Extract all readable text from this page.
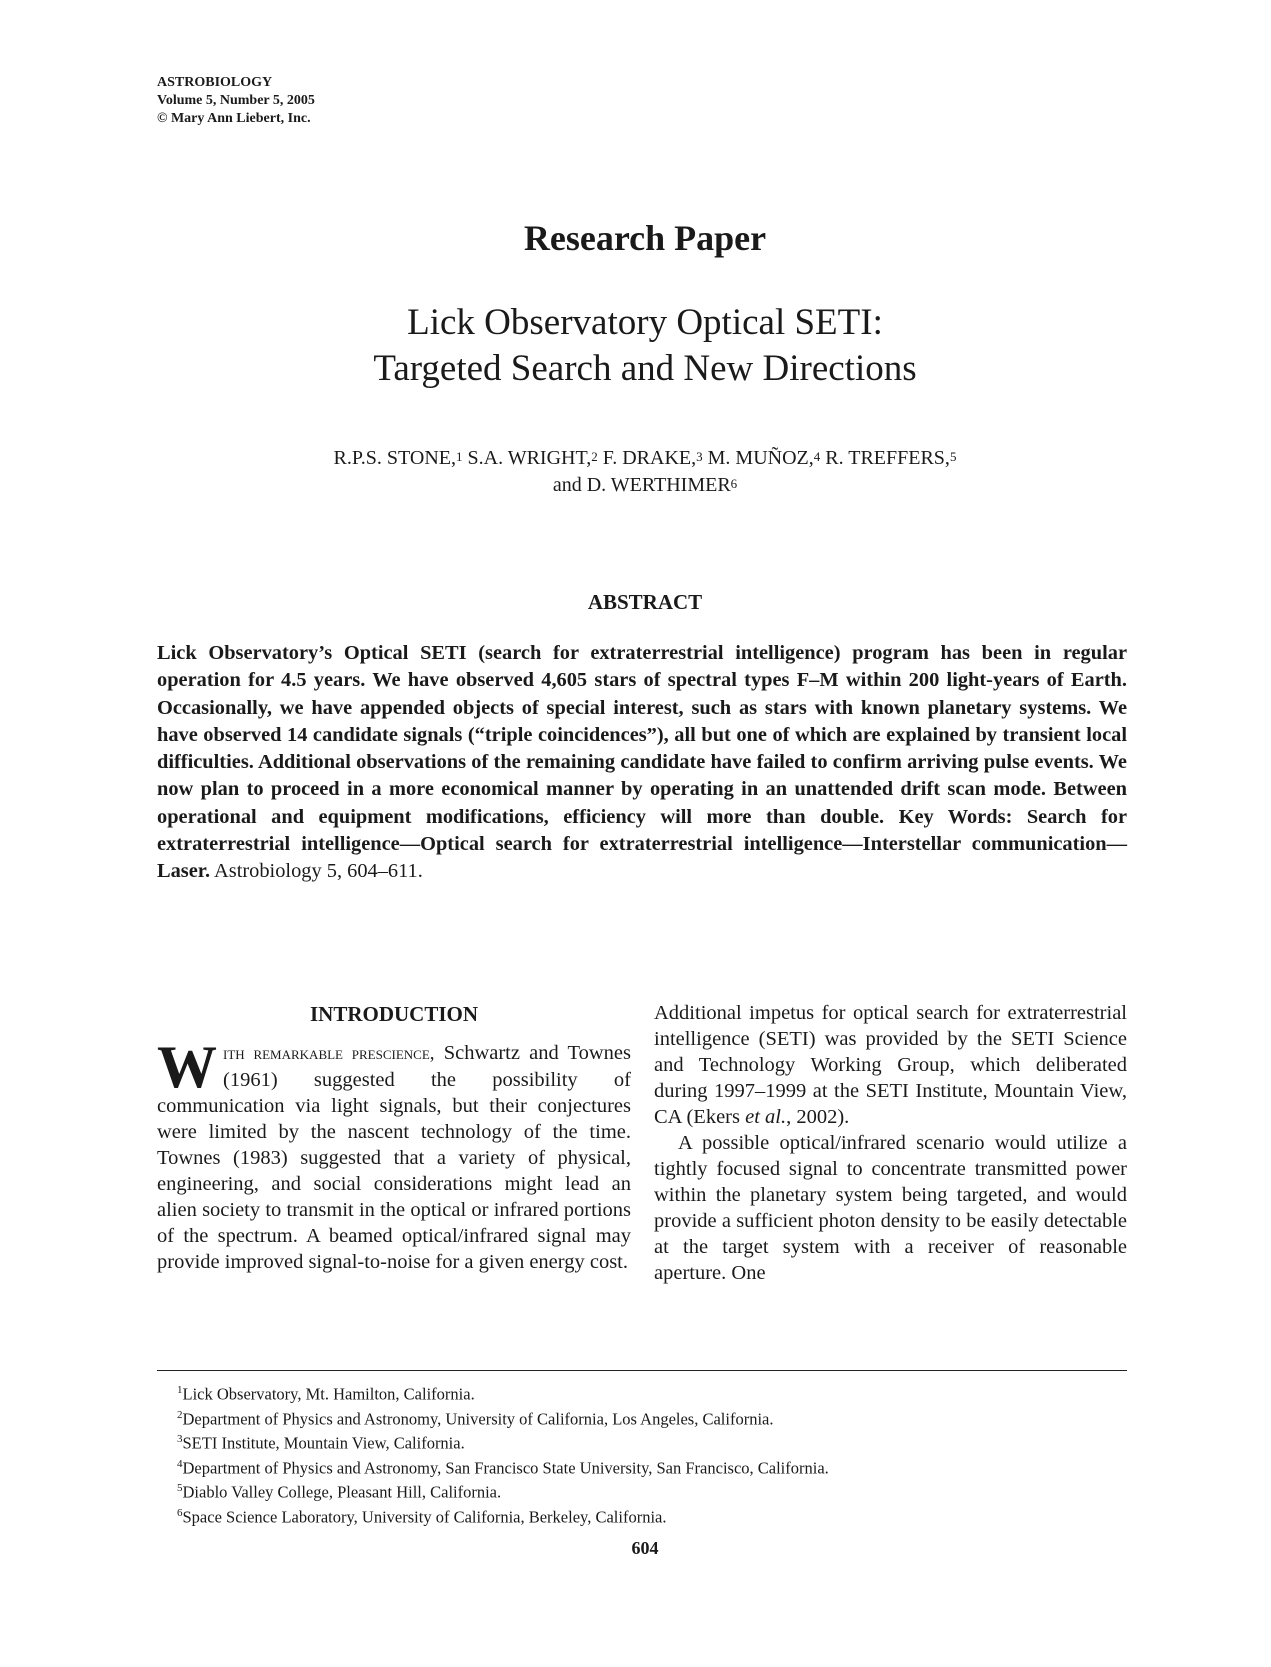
ASTROBIOLOGY
Volume 5, Number 5, 2005
© Mary Ann Liebert, Inc.
Research Paper
Lick Observatory Optical SETI:
Targeted Search and New Directions
R.P.S. STONE,$^1$ S.A. WRIGHT,$^2$ F. DRAKE,$^3$ M. MUÑOZ,$^4$ R. TREFFERS,$^5$
and D. WERTHIMER$^6$
ABSTRACT
Lick Observatory’s Optical SETI (search for extraterrestrial intelligence) program has been in regular operation for 4.5 years. We have observed 4,605 stars of spectral types F–M within 200 light-years of Earth. Occasionally, we have appended objects of special interest, such as stars with known planetary systems. We have observed 14 candidate signals (“triple coincidences”), all but one of which are explained by transient local difficulties. Additional observations of the remaining candidate have failed to confirm arriving pulse events. We now plan to proceed in a more economical manner by operating in an unattended drift scan mode. Between operational and equipment modifications, efficiency will more than double. Key Words: Search for extraterrestrial intelligence—Optical search for extraterrestrial intelligence—Interstellar communication—Laser. Astrobiology 5, 604–611.
INTRODUCTION

With remarkable prescience, Schwartz and Townes (1961) suggested the possibility of communication via light signals, but their conjectures were limited by the nascent technology of the time. Townes (1983) suggested that a variety of physical, engineering, and social considerations might lead an alien society to transmit in the optical or infrared portions of the spectrum. A beamed optical/infrared signal may provide improved signal-to-noise for a given energy cost.

Additional impetus for optical search for extraterrestrial intelligence (SETI) was provided by the SETI Science and Technology Working Group, which deliberated during 1997–1999 at the SETI Institute, Mountain View, CA (Ekers et al., 2002).

A possible optical/infrared scenario would utilize a tightly focused signal to concentrate transmitted power within the planetary system being targeted, and would provide a sufficient photon density to be easily detectable at the target system with a receiver of reasonable aperture. One

$^1$Lick Observatory, Mt. Hamilton, California.
$^2$Department of Physics and Astronomy, University of California, Los Angeles, California.
$^3$SETI Institute, Mountain View, California.
$^4$Department of Physics and Astronomy, San Francisco State University, San Francisco, California.
$^5$Diablo Valley College, Pleasant Hill, California.
$^6$Space Science Laboratory, University of California, Berkeley, California.
604
